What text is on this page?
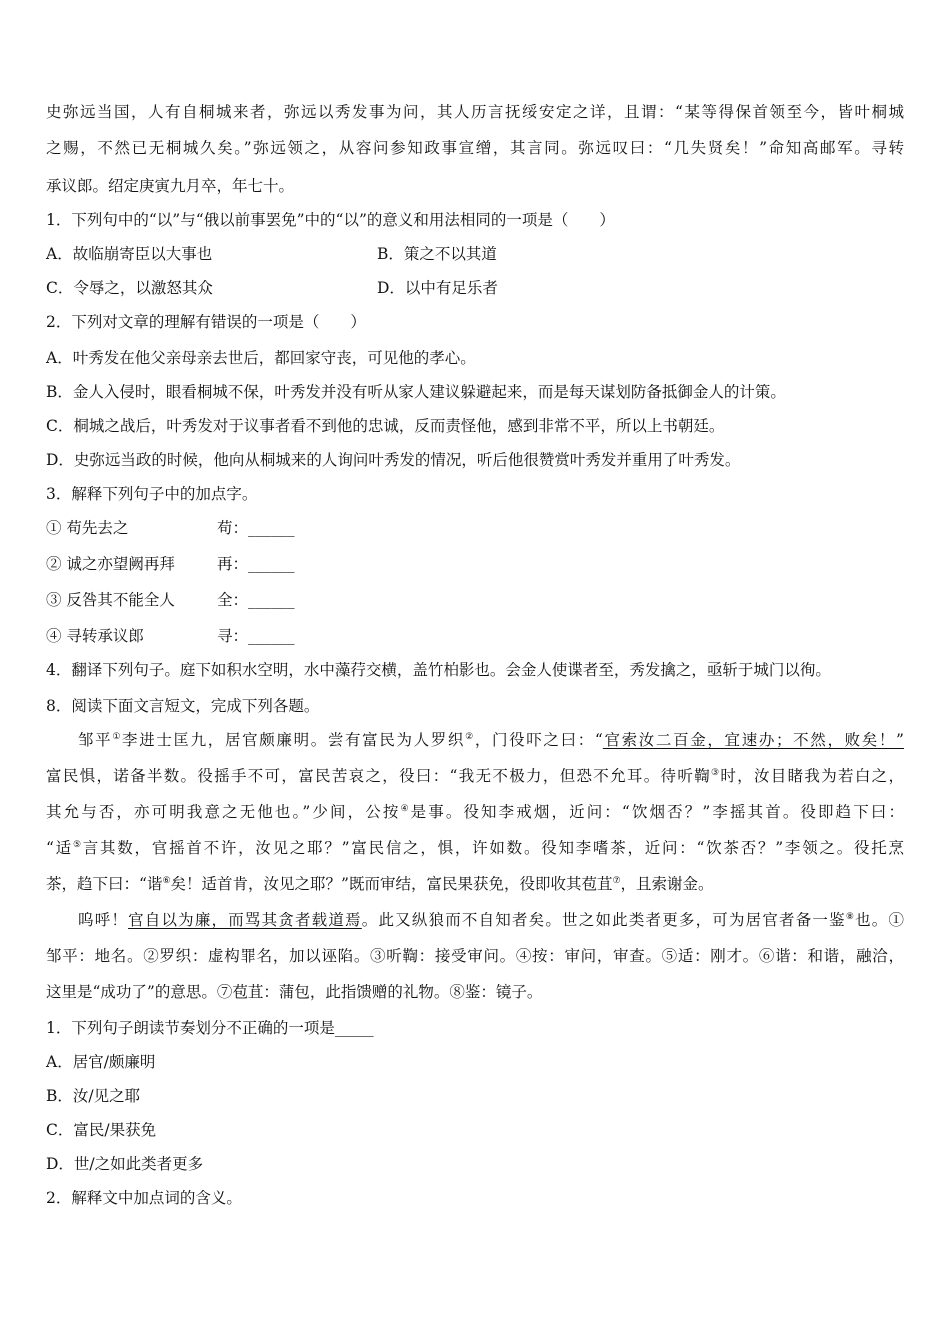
史弥远当国，人有自桐城来者，弥远以秀发事为问，其人历言抚绥安定之详，且谓：“某等得保首领至今，皆叶桐城
之赐，不然已无桐城久矣。”弥远领之，从容问参知政事宣缯，其言同。弥远叹曰：“几失贤矣！”命知高邮军。寻转
承议郎。绍定庚寅九月卒，年七十。
1．下列句中的“以”与“俄以前事罢免”中的“以”的意义和用法相同的一项是（　　）
A．故临崩寄臣以大事也	B．策之不以其道
C．令辱之，以激怒其众	D．以中有足乐者
2．下列对文章的理解有错误的一项是（　　）
A．叶秀发在他父亲母亲去世后，都回家守丧，可见他的孝心。
B．金人入侵时，眼看桐城不保，叶秀发并没有听从家人建议躲避起来，而是每天谋划防备抵御金人的计策。
C．桐城之战后，叶秀发对于议事者看不到他的忠诚，反而责怪他，感到非常不平，所以上书朝廷。
D．史弥远当政的时候，他向从桐城来的人询问叶秀发的情况，听后他很赞赏叶秀发并重用了叶秀发。
3．解释下列句子中的加点字。
① 苟先去之	苟：______
② 诚之亦望阙再拜	再：______
③ 反咎其不能全人	全：______
④ 寻转承议郎	寻：______
4．翻译下列句子。庭下如积水空明，水中藻荇交横，盖竹柏影也。会金人使谍者至，秀发擒之，亟斩于城门以徇。
8．阅读下面文言短文，完成下列各题。
邹平①李进士匡九，居官颇廉明。尝有富民为人罗织②，门役吓之曰：“官索汝二百金，宜速办；不然，败矣！”
富民惧，诺备半数。役摇手不可，富民苦哀之，役曰：“我无不极力，但恐不允耳。待听鞫③时，汝目睹我为若白之，
其允与否，亦可明我意之无他也。”少间，公按④是事。役知李戒烟，近问：“饮烟否？”李摇其首。役即趋下曰：
“适⑤言其数，官摇首不许，汝见之耶？”富民信之，惧，许如数。役知李嗜茶，近问：“饮茶否？”李领之。役托烹
茶，趋下曰：“谐⑥矣！适首肯，汝见之耶？”既而审结，富民果获免，役即收其苞苴⑦，且索谢金。
呜呼！官自以为廉，而骂其贪者载道焉。此又纵狼而不自知者矣。世之如此类者更多，可为居官者备一鉴⑧也。①
邹平：地名。②罗织：虚构罪名，加以诬陷。③听鞫：接受审问。④按：审问，审查。⑤适：刚才。⑥谐：和谐，融洽，
这里是“成功了”的意思。⑦苞苴：蒲包，此指馈赠的礼物。⑧鉴：镜子。
1．下列句子朗读节奏划分不正确的一项是_____
A．居官/颇廉明
B．汝/见之耶
C．富民/果获免
D．世/之如此类者更多
2．解释文中加点词的含义。
